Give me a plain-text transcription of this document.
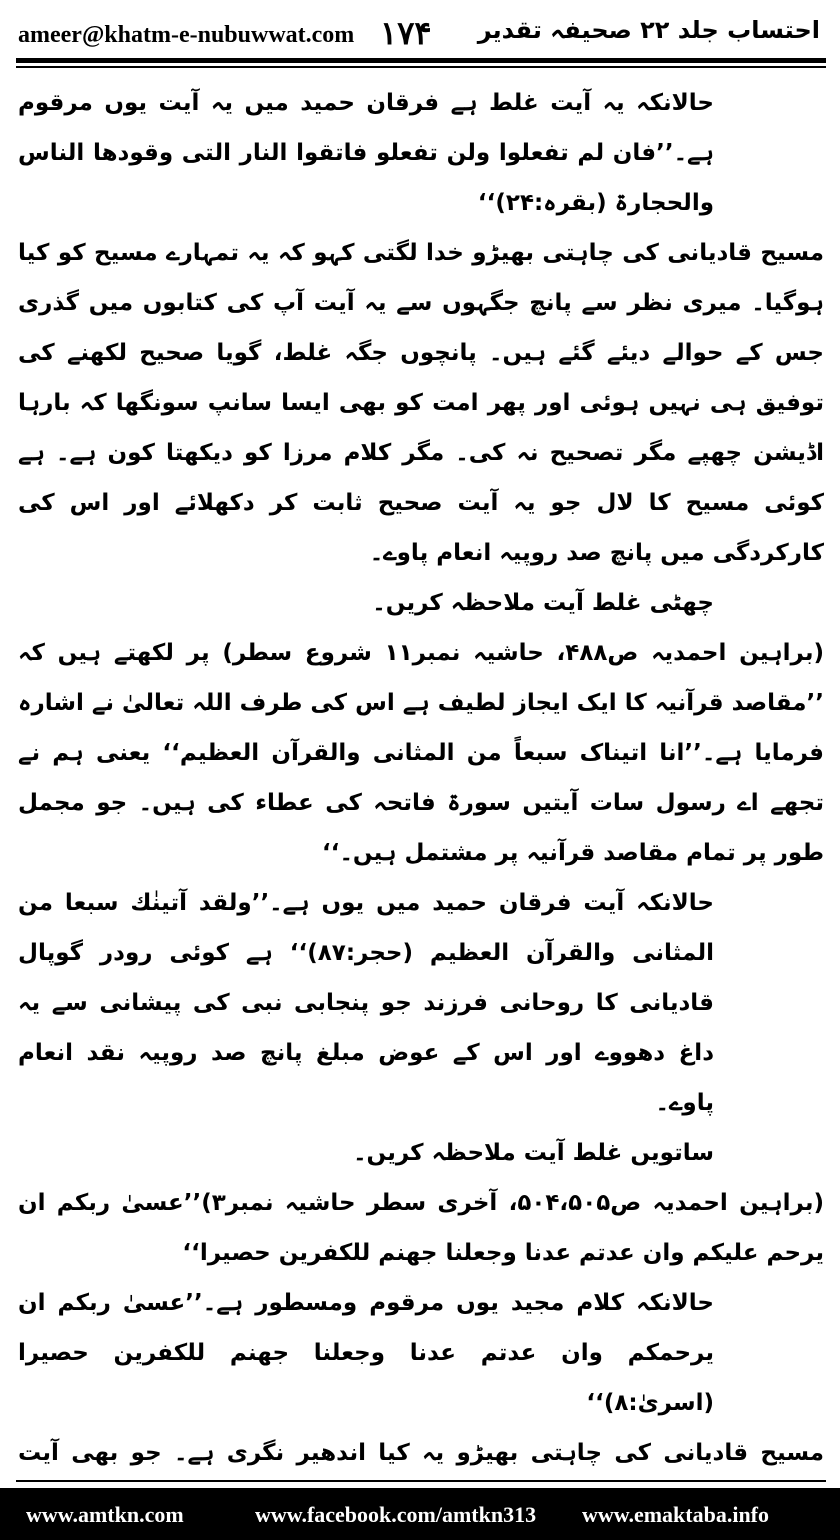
ameer@khatm-e-nubuwwat.com ۱۷۴ احتساب جلد ۲۲ صحیفہ تقدیر

حالانکہ یہ آیت غلط ہے فرقان حمید میں یہ آیت یوں مرقوم ہے۔’’فان لم تفعلوا ولن تفعلو فاتقوا النار التی وقودھا الناس والحجارۃ (بقرہ:۲۴)‘‘

مسیح قادیانی کی چاہتی بھیڑو خدا لگتی کہو کہ یہ تمہارے مسیح کو کیا ہوگیا۔ میری نظر سے پانچ جگہوں سے یہ آیت آپ کی کتابوں میں گذری جس کے حوالے دیئے گئے ہیں۔ پانچوں جگہ غلط، گویا صحیح لکھنے کی توفیق ہی نہیں ہوئی اور پھر امت کو بھی ایسا سانپ سونگھا کہ بارہا اڈیشن چھپے مگر تصحیح نہ کی۔ مگر کلام مرزا کو دیکھتا کون ہے۔ ہے کوئی مسیح کا لال جو یہ آیت صحیح ثابت کر دکھلائے اور اس کی کارکردگی میں پانچ صد روپیہ انعام پاوے۔

چھٹی غلط آیت ملاحظہ کریں۔

(براہین احمدیہ ص۴۸۸، حاشیہ نمبر۱۱ شروع سطر) پر لکھتے ہیں کہ ’’مقاصد قرآنیہ کا ایک ایجاز لطیف ہے اس کی طرف اللہ تعالیٰ نے اشارہ فرمایا ہے۔’’انا اتیناک سبعاً من المثانی والقرآن العظیم‘‘ یعنی ہم نے تجھے اے رسول سات آیتیں سورۃ فاتحہ کی عطاء کی ہیں۔ جو مجمل طور پر تمام مقاصد قرآنیہ پر مشتمل ہیں۔‘‘

حالانکہ آیت فرقان حمید میں یوں ہے۔’’ولقد آتینٰك سبعا من المثانی والقرآن العظیم (حجر:۸۷)‘‘ ہے کوئی رودر گوپال قادیانی کا روحانی فرزند جو پنجابی نبی کی پیشانی سے یہ داغ دھووے اور اس کے عوض مبلغ پانچ صد روپیہ نقد انعام پاوے۔

ساتویں غلط آیت ملاحظہ کریں۔

(براہین احمدیہ ص۵۰۴،۵۰۵، آخری سطر حاشیہ نمبر۳)’’عسیٰ ربکم ان یرحم علیکم وان عدتم عدنا وجعلنا جھنم للکفرین حصیرا‘‘

حالانکہ کلام مجید یوں مرقوم ومسطور ہے۔’’عسیٰ ربکم ان یرحمکم وان عدتم عدنا وجعلنا جھنم للکفرین حصیرا (اسریٰ:۸)‘‘

مسیح قادیانی کی چاہتی بھیڑو یہ کیا اندھیر نگری ہے۔ جو بھی آیت

www.amtkn.com	www.facebook.com/amtkn313 www.emaktaba.info
